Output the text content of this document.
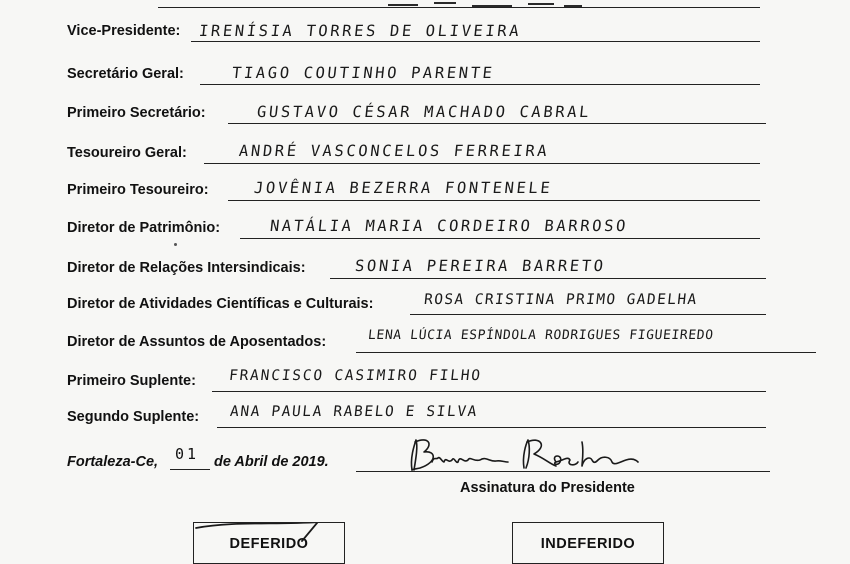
Vice-Presidente: IRENÍSIA TORRES DE OLIVEIRA
Secretário Geral:	TIAGO COUTINHO PARENTE
Primeiro Secretário:	GUSTAVO CÉSAR MACHADO CABRAL
Tesoureiro Geral:	ANDRÉ VASCONCELOS FERREIRA
Primeiro Tesoureiro:	JOVÊNIA BEZERRA FONTENELE
Diretor de Patrimônio:	NATÁLIA MARIA CORDEIRO BARROSO
Diretor de Relações Intersindicais:	SONIA PEREIRA BARRETO
Diretor de Atividades Científicas e Culturais:	ROSA CRISTINA PRIMO GADELHA
Diretor de Assuntos de Aposentados:	LENA LÚCIA ESPÍNDOLA RODRIGUES FIGUEIREDO
Primeiro Suplente: FRANCISCO CASIMIRO FILHO
Segundo Suplente: ANA PAULA RABELO E SILVA
Fortaleza-Ce, 01 de Abril de 2019.
Assinatura do Presidente
DEFERIDO	INDEFERIDO
